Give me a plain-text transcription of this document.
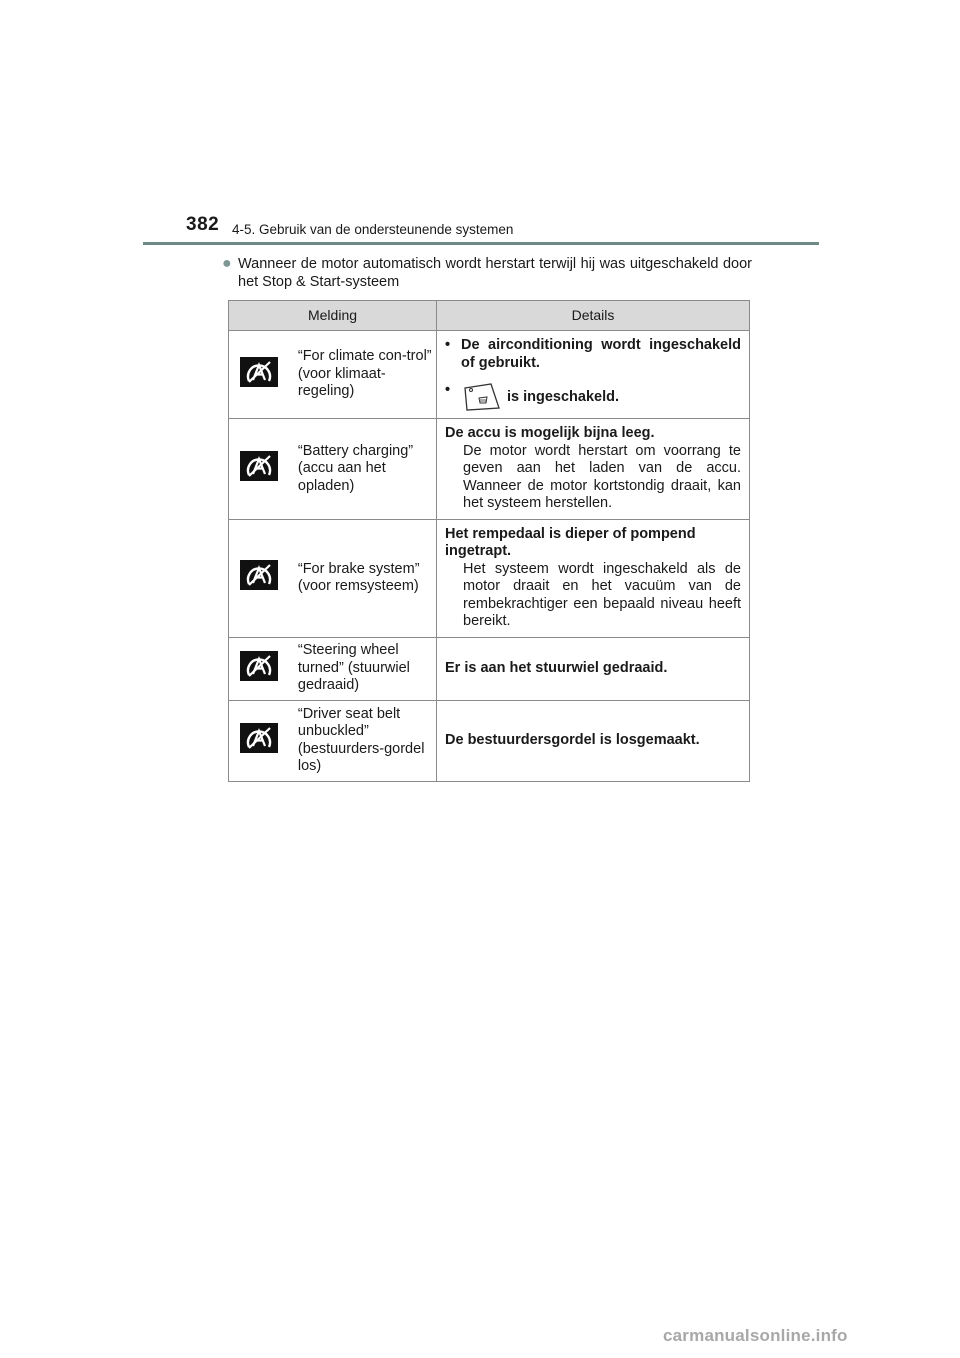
382 4-5. Gebruik van de ondersteunende systemen
● Wanneer de motor automatisch wordt herstart terwijl hij was uitgeschakeld door het Stop & Start-systeem
Melding		Details
	“For climate con-trol” (voor klimaat-regeling)	• De airconditioning wordt ingeschakeld of gebruikt.
• is ingeschakeld.

	“Battery charging” (accu aan het opladen)	De accu is mogelijk bijna leeg.
De motor wordt herstart om voorrang te geven aan het laden van de accu. Wanneer de motor kortstondig draait, kan het systeem herstellen.

	“For brake system” (voor remsysteem)	Het rempedaal is dieper of pompend ingetrapt.
Het systeem wordt ingeschakeld als de motor draait en het vacuüm van de rembekrachtiger een bepaald niveau heeft bereikt.

	“Steering wheel turned” (stuurwiel gedraaid)	Er is aan het stuurwiel gedraaid.

	“Driver seat belt unbuckled” (bestuurders-gordel los)	De bestuurdersgordel is losgemaakt.
carmanualsonline.info
